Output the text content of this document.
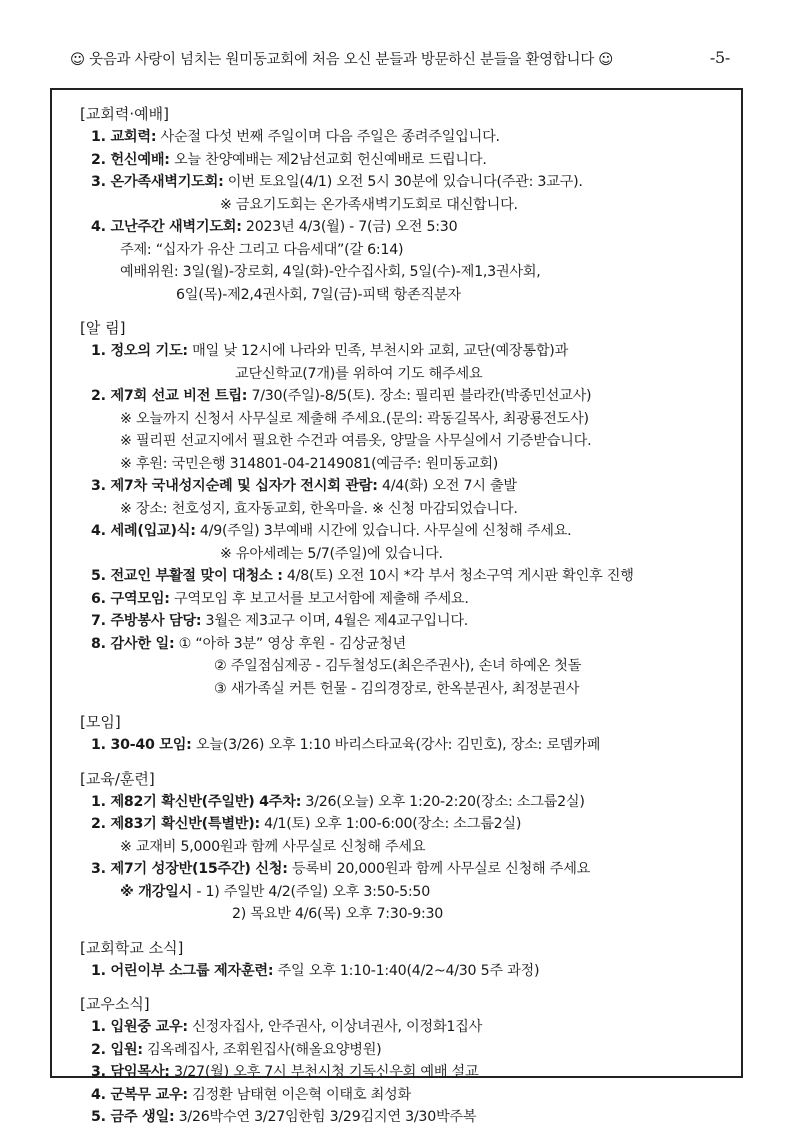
☺ 웃음과 사랑이 넘치는 원미동교회에 처음 오신 분들과 방문하신 분들을 환영합니다 ☺	-5-
[교회력·예배]
1. 교회력: 사순절 다섯 번째 주일이며 다음 주일은 종려주일입니다.
2. 헌신예배: 오늘 찬양예배는 제2남선교회 헌신예배로 드립니다.
3. 온가족새벽기도회: 이번 토요일(4/1) 오전 5시 30분에 있습니다(주관: 3교구).
※ 금요기도회는 온가족새벽기도회로 대신합니다.
4. 고난주간 새벽기도회: 2023년 4/3(월) - 7(금) 오전 5:30
주제: “십자가 유산 그리고 다음세대”(갈 6:14)
예배위원: 3일(월)-장로회, 4일(화)-안수집사회, 5일(수)-제1,3권사회,
6일(목)-제2,4권사회, 7일(금)-피택 항존직분자
[알 림]
1. 정오의 기도: 매일 낮 12시에 나라와 민족, 부천시와 교회, 교단(예장통합)과
교단신학교(7개)를 위하여 기도 해주세요
2. 제7회 선교 비전 트립: 7/30(주일)-8/5(토). 장소: 필리핀 블라칸(박종민선교사)
※ 오늘까지 신청서 사무실로 제출해 주세요.(문의: 곽동길목사, 최광룡전도사)
※ 필리핀 선교지에서 필요한 수건과 여름옷, 양말을 사무실에서 기증받습니다.
※ 후원: 국민은행 314801-04-2149081(예금주: 원미동교회)
3. 제7차 국내성지순례 및 십자가 전시회 관람: 4/4(화) 오전 7시 출발
※ 장소: 천호성지, 효자동교회, 한옥마을. ※ 신청 마감되었습니다.
4. 세례(입교)식: 4/9(주일) 3부예배 시간에 있습니다. 사무실에 신청해 주세요.
※ 유아세례는 5/7(주일)에 있습니다.
5. 전교인 부활절 맞이 대청소 : 4/8(토) 오전 10시 *각 부서 청소구역 게시판 확인후 진행
6. 구역모임: 구역모임 후 보고서를 보고서함에 제출해 주세요.
7. 주방봉사 담당: 3월은 제3교구 이며, 4월은 제4교구입니다.
8. 감사한 일: ① “아하 3분” 영상 후원 - 김상균청년
② 주일점심제공 - 김두철성도(최은주권사), 손녀 하예온 첫돌
③ 새가족실 커튼 헌물 - 김의경장로, 한옥분권사, 최정분권사
[모임]
1. 30-40 모임: 오늘(3/26) 오후 1:10 바리스타교육(강사: 김민호), 장소: 로뎀카페
[교육/훈련]
1. 제82기 확신반(주일반) 4주차: 3/26(오늘) 오후 1:20-2:20(장소: 소그룹2실)
2. 제83기 확신반(특별반): 4/1(토) 오후 1:00-6:00(장소: 소그룹2실)
※ 교재비 5,000원과 함께 사무실로 신청해 주세요
3. 제7기 성장반(15주간) 신청: 등록비 20,000원과 함께 사무실로 신청해 주세요
※ 개강일시 - 1) 주일반 4/2(주일) 오후 3:50-5:50
2) 목요반 4/6(목) 오후 7:30-9:30
[교회학교 소식]
1. 어린이부 소그룹 제자훈련: 주일 오후 1:10-1:40(4/2~4/30 5주 과정)
[교우소식]
1. 입원중 교우: 신정자집사, 안주권사, 이상녀권사, 이정화1집사
2. 입원: 김옥례집사, 조휘원집사(해올요양병원)
3. 담임목사: 3/27(월) 오후 7시 부천시청 기독신우회 예배 설교
4. 군복무 교우: 김정환 남태현 이은혁 이태호 최성화
5. 금주 생일: 3/26박수연 3/27임한힘 3/29김지연 3/30박주복
